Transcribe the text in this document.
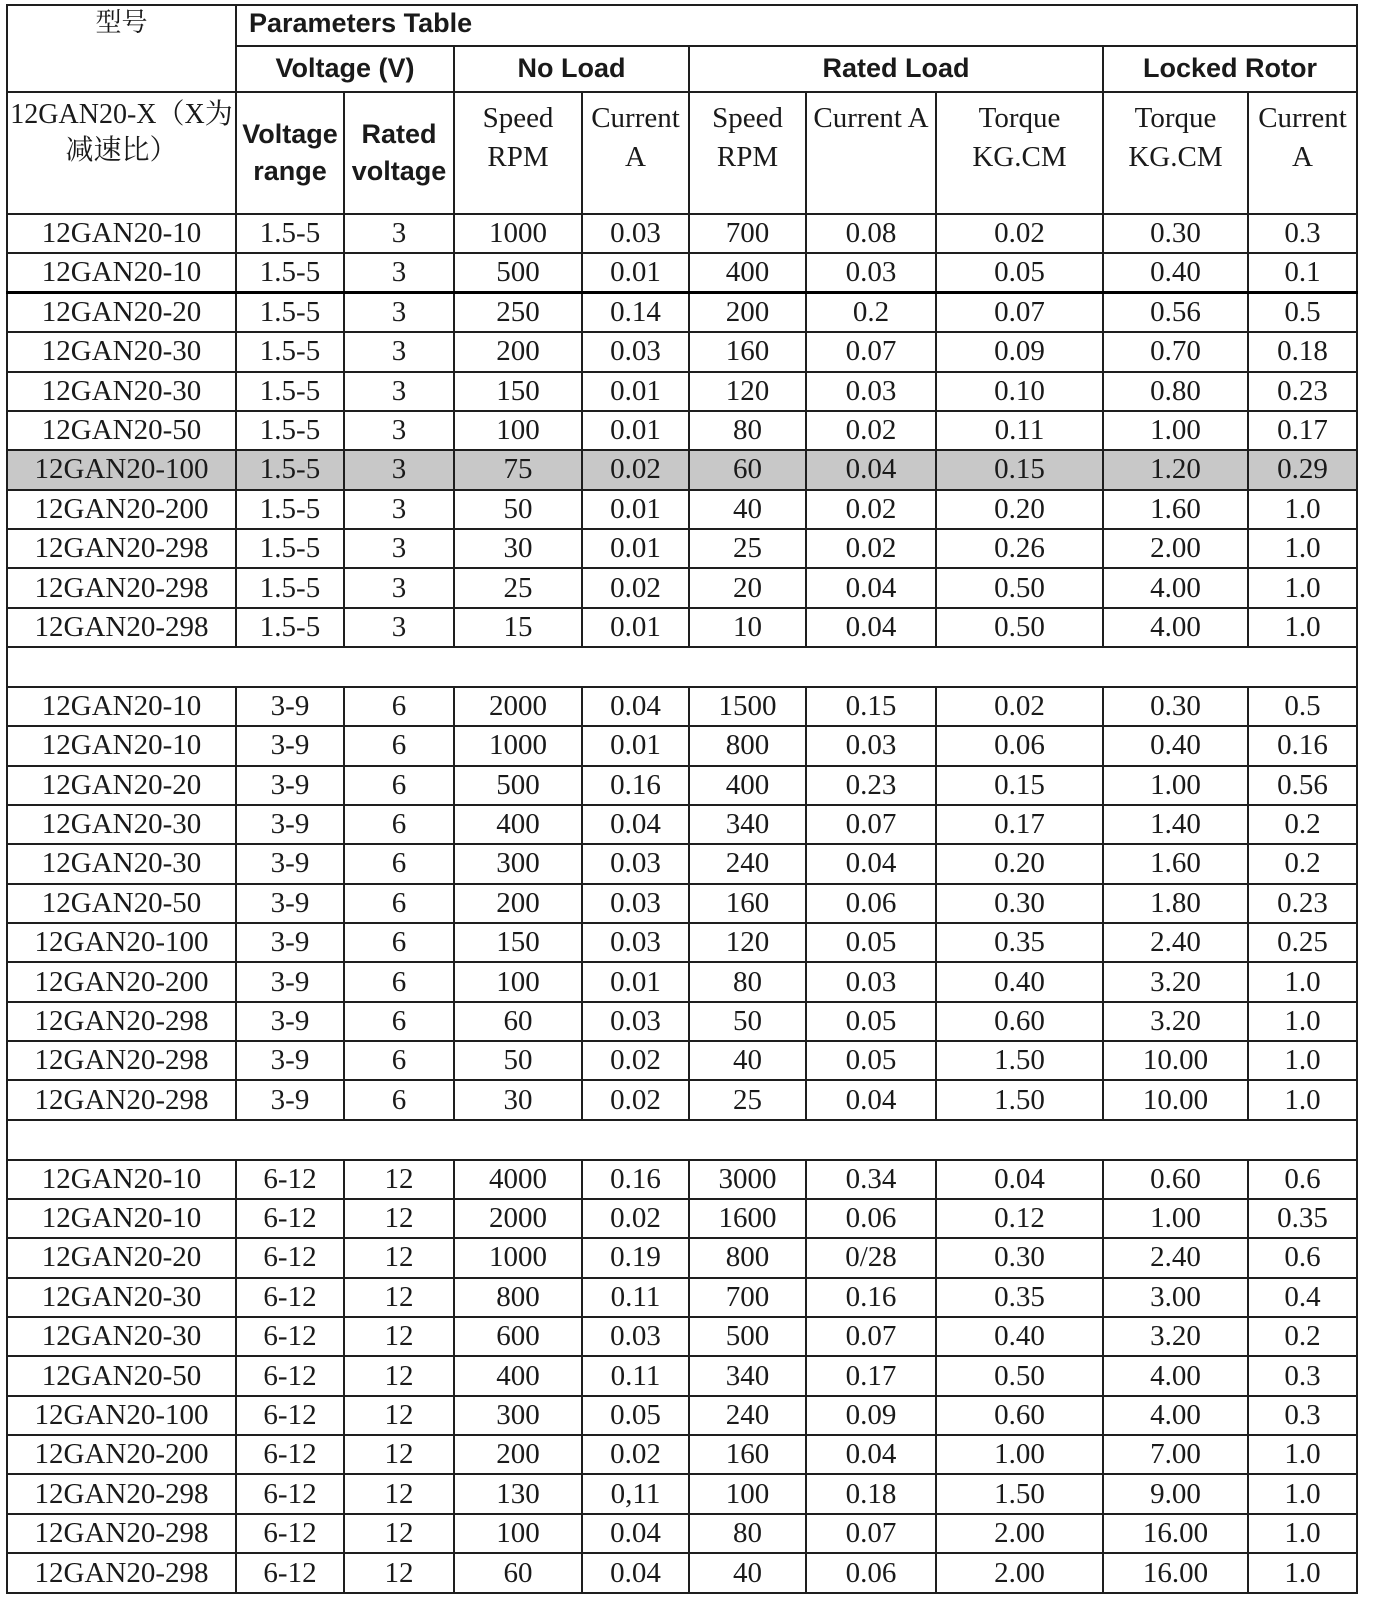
型号	Parameters Table								
	Voltage (V)		No Load		Rated Load			Locked Rotor	
12GAN20-X（X为减速比）	Voltage range	Rated voltage	Speed RPM	Current A	Speed RPM	Current A	Torque KG.CM	Torque KG.CM	Current A
12GAN20-10	1.5-5	3	1000	0.03	700	0.08	0.02	0.30	0.3
12GAN20-10	1.5-5	3	500	0.01	400	0.03	0.05	0.40	0.1
12GAN20-20	1.5-5	3	250	0.14	200	0.2	0.07	0.56	0.5
12GAN20-30	1.5-5	3	200	0.03	160	0.07	0.09	0.70	0.18
12GAN20-30	1.5-5	3	150	0.01	120	0.03	0.10	0.80	0.23
12GAN20-50	1.5-5	3	100	0.01	80	0.02	0.11	1.00	0.17
12GAN20-100	1.5-5	3	75	0.02	60	0.04	0.15	1.20	0.29
12GAN20-200	1.5-5	3	50	0.01	40	0.02	0.20	1.60	1.0
12GAN20-298	1.5-5	3	30	0.01	25	0.02	0.26	2.00	1.0
12GAN20-298	1.5-5	3	25	0.02	20	0.04	0.50	4.00	1.0
12GAN20-298	1.5-5	3	15	0.01	10	0.04	0.50	4.00	1.0

12GAN20-10	3-9	6	2000	0.04	1500	0.15	0.02	0.30	0.5
12GAN20-10	3-9	6	1000	0.01	800	0.03	0.06	0.40	0.16
12GAN20-20	3-9	6	500	0.16	400	0.23	0.15	1.00	0.56
12GAN20-30	3-9	6	400	0.04	340	0.07	0.17	1.40	0.2
12GAN20-30	3-9	6	300	0.03	240	0.04	0.20	1.60	0.2
12GAN20-50	3-9	6	200	0.03	160	0.06	0.30	1.80	0.23
12GAN20-100	3-9	6	150	0.03	120	0.05	0.35	2.40	0.25
12GAN20-200	3-9	6	100	0.01	80	0.03	0.40	3.20	1.0
12GAN20-298	3-9	6	60	0.03	50	0.05	0.60	3.20	1.0
12GAN20-298	3-9	6	50	0.02	40	0.05	1.50	10.00	1.0
12GAN20-298	3-9	6	30	0.02	25	0.04	1.50	10.00	1.0

12GAN20-10	6-12	12	4000	0.16	3000	0.34	0.04	0.60	0.6
12GAN20-10	6-12	12	2000	0.02	1600	0.06	0.12	1.00	0.35
12GAN20-20	6-12	12	1000	0.19	800	0/28	0.30	2.40	0.6
12GAN20-30	6-12	12	800	0.11	700	0.16	0.35	3.00	0.4
12GAN20-30	6-12	12	600	0.03	500	0.07	0.40	3.20	0.2
12GAN20-50	6-12	12	400	0.11	340	0.17	0.50	4.00	0.3
12GAN20-100	6-12	12	300	0.05	240	0.09	0.60	4.00	0.3
12GAN20-200	6-12	12	200	0.02	160	0.04	1.00	7.00	1.0
12GAN20-298	6-12	12	130	0,11	100	0.18	1.50	9.00	1.0
12GAN20-298	6-12	12	100	0.04	80	0.07	2.00	16.00	1.0
12GAN20-298	6-12	12	60	0.04	40	0.06	2.00	16.00	1.0
